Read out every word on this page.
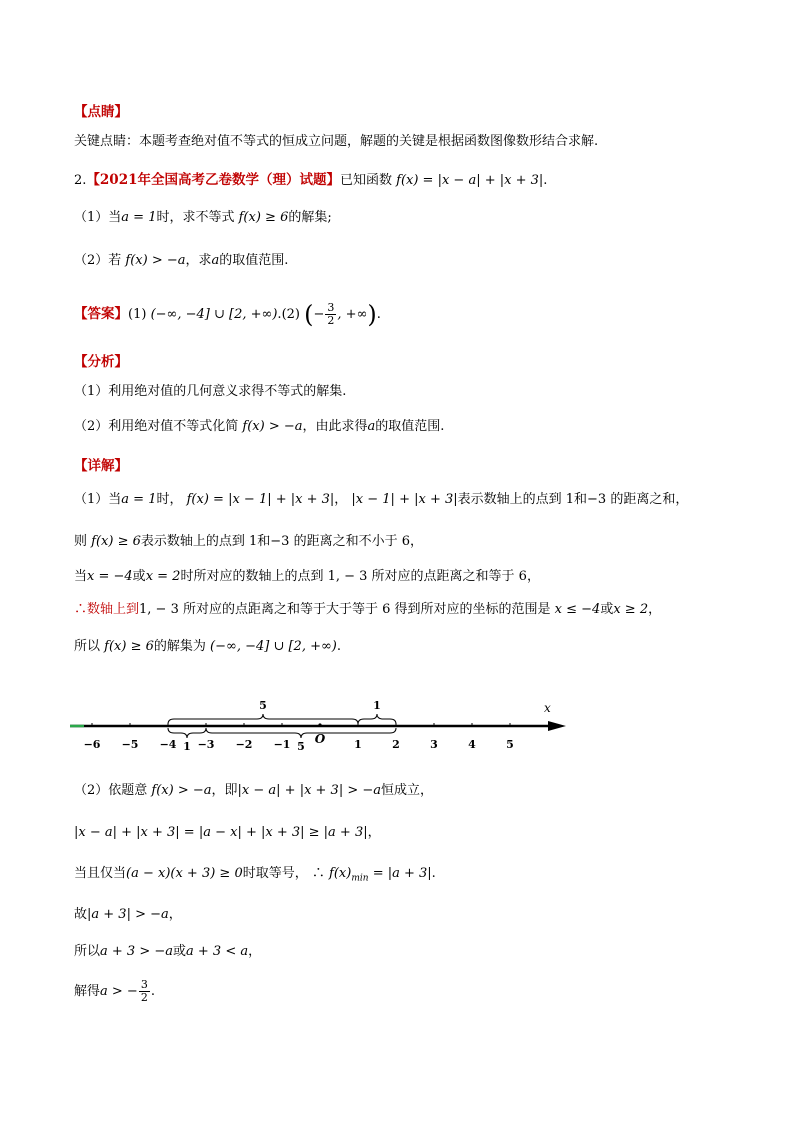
【点睛】
关键点睛：本题考查绝对值不等式的恒成立问题，解题的关键是根据函数图像数形结合求解.
2.【2021年全国高考乙卷数学（理）试题】已知函数 f(x) = |x − a| + |x + 3|.
（1）当a = 1时，求不等式 f(x) ≥ 6的解集;
（2）若 f(x) > −a，求a的取值范围.
【答案】(1) (−∞, −4] ∪ [2, +∞).(2) (− $\frac{3}{2}$ , +∞).
【分析】
（1）利用绝对值的几何意义求得不等式的解集.
（2）利用绝对值不等式化简 f(x) > −a，由此求得a的取值范围.
【详解】
（1）当a = 1时， f(x) = |x − 1| + |x + 3|， |x − 1| + |x + 3|表示数轴上的点到 1和−3 的距离之和，
则 f(x) ≥ 6表示数轴上的点到 1和−3 的距离之和不小于 6，
当x = −4或x = 2时所对应的数轴上的点到 1, − 3 所对应的点距离之和等于 6，
∴数轴上到1, − 3 所对应的点距离之和等于大于等于 6 得到所对应的坐标的范围是 x ≤ −4或x ≥ 2，
所以 f(x) ≥ 6的解集为 (−∞, −4] ∪ [2, +∞).
x
−6 −5 −4 −3 −2 −1	1	2	3	4	5
5	1
1	5
O
（2）依题意 f(x) > −a，即|x − a| + |x + 3| > −a恒成立，
|x − a| + |x + 3| = |a − x| + |x + 3| ≥ |a + 3|，
当且仅当(a − x)(x + 3) ≥ 0时取等号， ∴ $f(x)_{min} = |a + 3|$.
故|a + 3| > −a，
所以a + 3 > −a或a + 3 < a，
解得a > − $\frac{3}{2}$ .
